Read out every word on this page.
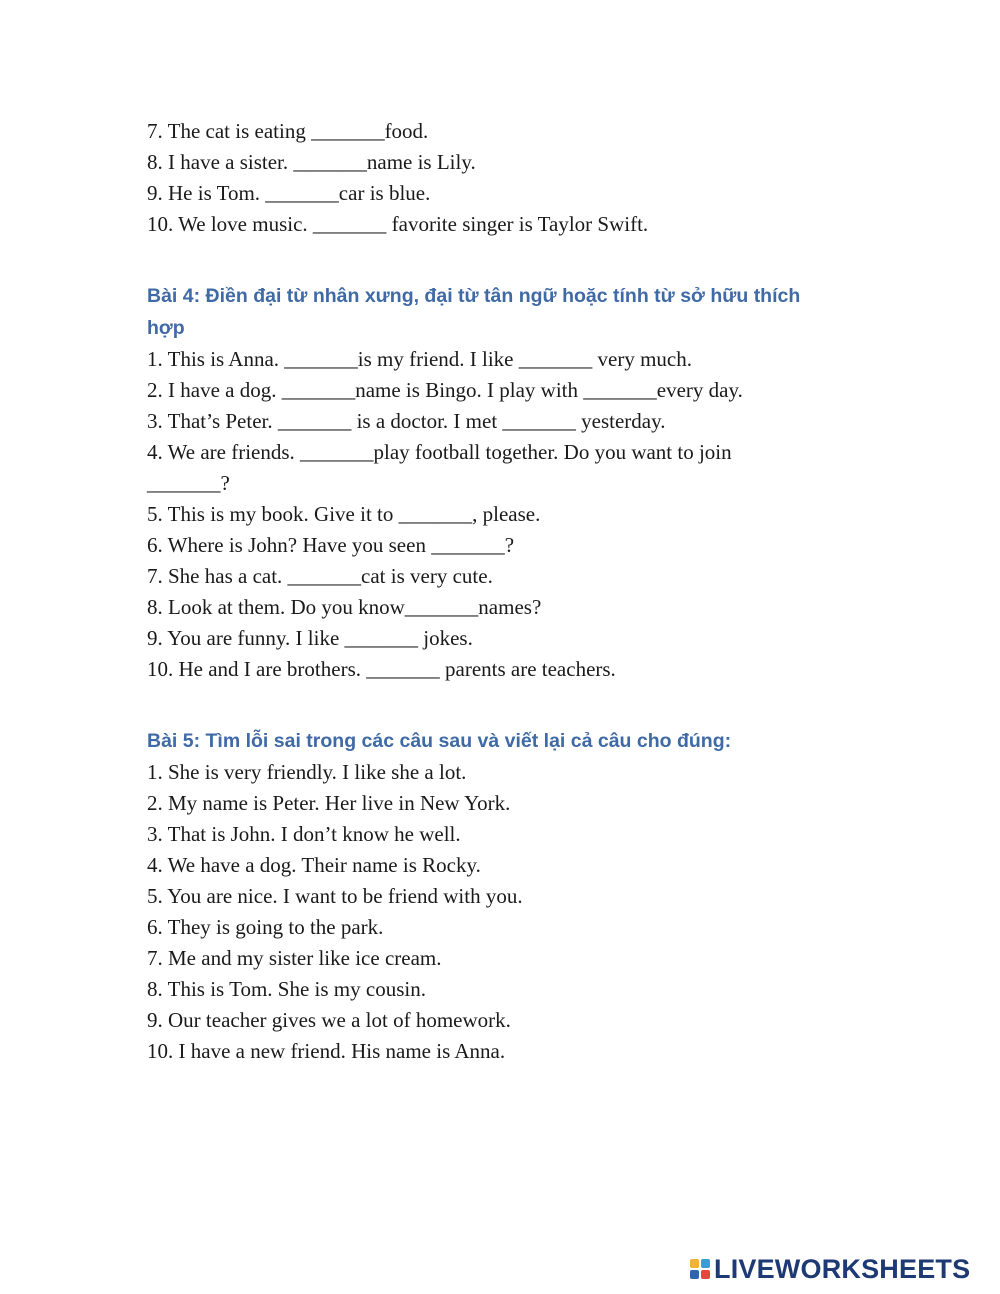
7. The cat is eating _______food.

8. I have a sister. _______name is Lily.

9. He is Tom. _______car is blue.

10. We love music. _______ favorite singer is Taylor Swift.

Bài 4: Điền đại từ nhân xưng, đại từ tân ngữ hoặc tính từ sở hữu thích

hợp

1. This is Anna. _______is my friend. I like _______ very much.

2. I have a dog. _______name is Bingo. I play with _______every day.

3. That’s Peter. _______ is a doctor. I met _______ yesterday.

4. We are friends. _______play football together. Do you want to join

_______?

5. This is my book. Give it to _______, please.

6. Where is John? Have you seen _______?

7. She has a cat. _______cat is very cute.

8. Look at them. Do you know_______names?

9. You are funny. I like _______ jokes.

10. He and I are brothers. _______ parents are teachers.

Bài 5: Tìm lỗi sai trong các câu sau và viết lại cả câu cho đúng:

1. She is very friendly. I like she a lot.

2. My name is Peter. Her live in New York.

3. That is John. I don’t know he well.

4. We have a dog. Their name is Rocky.

5. You are nice. I want to be friend with you.

6. They is going to the park.

7. Me and my sister like ice cream.

8. This is Tom. She is my cousin.

9. Our teacher gives we a lot of homework.

10. I have a new friend. His name is Anna.

LIVEWORKSHEETS
